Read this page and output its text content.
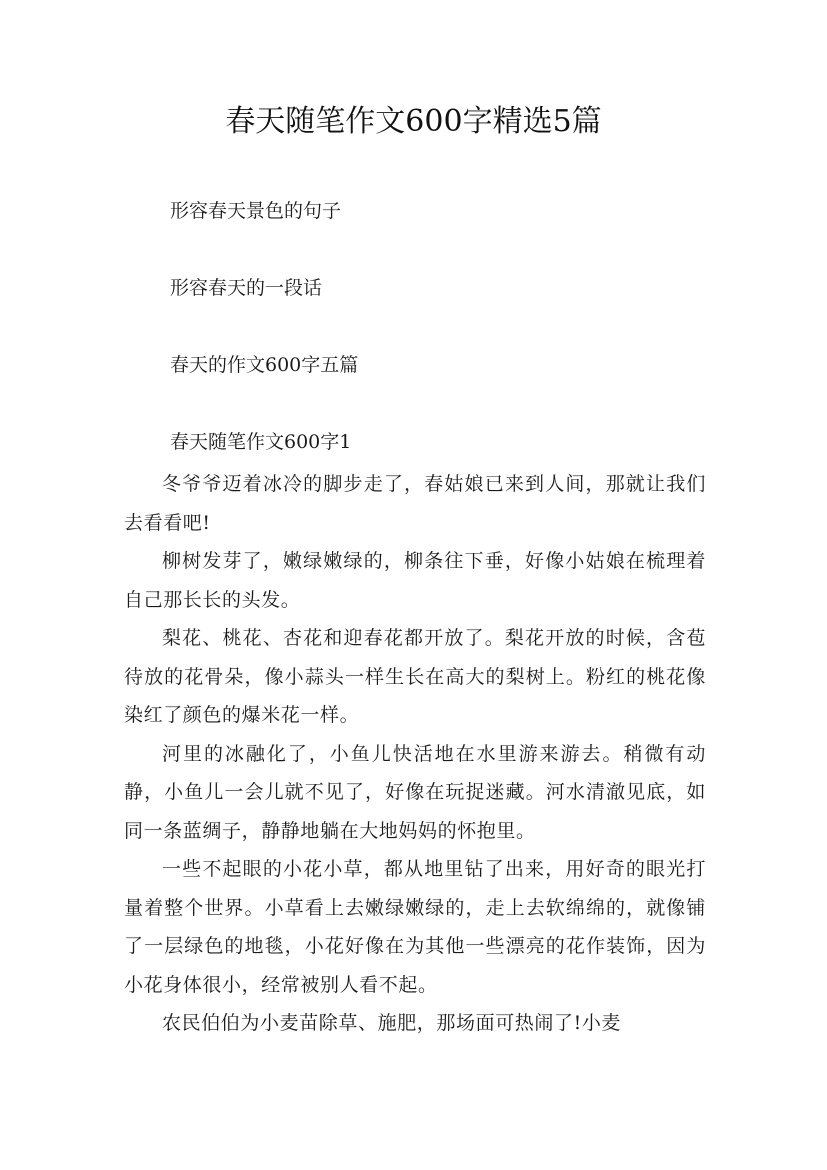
春天随笔作文600字精选5篇
形容春天景色的句子
形容春天的一段话
春天的作文600字五篇
春天随笔作文600字1

冬爷爷迈着冰冷的脚步走了，春姑娘已来到人间，那就让我们去看看吧!

柳树发芽了，嫩绿嫩绿的，柳条往下垂，好像小姑娘在梳理着自己那长长的头发。

梨花、桃花、杏花和迎春花都开放了。梨花开放的时候，含苞待放的花骨朵，像小蒜头一样生长在高大的梨树上。粉红的桃花像染红了颜色的爆米花一样。

河里的冰融化了，小鱼儿快活地在水里游来游去。稍微有动静，小鱼儿一会儿就不见了，好像在玩捉迷藏。河水清澈见底，如同一条蓝绸子，静静地躺在大地妈妈的怀抱里。

一些不起眼的小花小草，都从地里钻了出来，用好奇的眼光打量着整个世界。小草看上去嫩绿嫩绿的，走上去软绵绵的，就像铺了一层绿色的地毯，小花好像在为其他一些漂亮的花作装饰，因为小花身体很小，经常被别人看不起。

农民伯伯为小麦苗除草、施肥，那场面可热闹了!小麦
